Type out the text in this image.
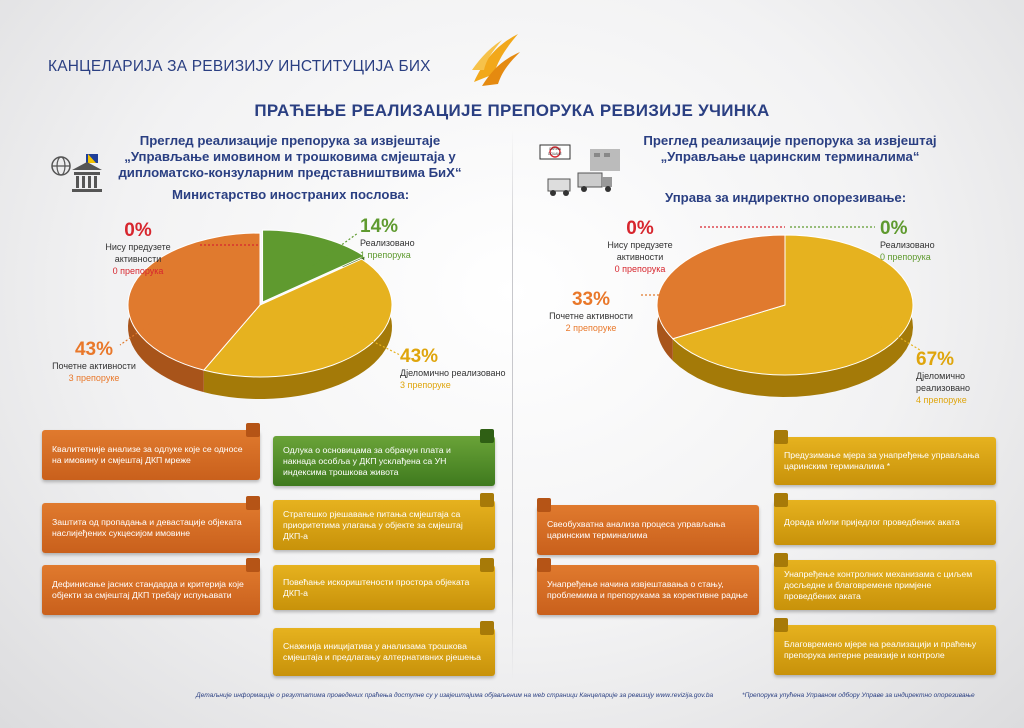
КАНЦЕЛАРИЈА ЗА РЕВИЗИЈУ ИНСТИТУЦИЈА БИХ
ПРАЋЕЊЕ РЕАЛИЗАЦИЈЕ ПРЕПОРУКА РЕВИЗИЈЕ УЧИНКА
Преглед реализације препорука за извјештаје
„Управљање имовином и трошковима смјештаја у
дипломатско-конзуларним представништвима БиХ“
Министарство иностраних послова:
0%
Нису предузете активности
0 препорука
14%
Реализовано
1 препорука
43%
Почетне активности
3 препоруке
43%
Дјеломично реализовано
3 препоруке
Квалитетније анализе за одлуке које се односе на имовину и смјештај ДКП мреже
Заштита од пропадања и девастације објеката наслијеђених сукцесијом имовине
Дефинисање јасних стандарда и критерија које објекти за смјештај ДКП требају испуњавати
Одлука о основицама за обрачун плата и накнада особља у ДКП усклађена са УН индексима трошкова живота
Стратешко рјешавање питања смјештаја са приоритетима улагања у објекте за смјештај ДКП-а
Повећање искориштености простора објеката ДКП-а
Снажнија иницијатива у анализама трошкова смјештаја и предлагању алтернативних рјешења
Преглед реализације препорука за извјештај
„Управљање царинским терминалима“
CARINA
DOUANE
Управа за индиректно опорезивање:
0%
Нису предузете активности
0 препорука
0%
Реализовано
0 препорука
33%
Почетне активности
2 препоруке
67%
Дјеломично реализовано
4 препоруке
Свеобухватна анализа процеса управљања царинским терминалима
Унапређење начина извјештавања о стању, проблемима и препорукама за корективне радње
Предузимање мјера за унапређење управљања царинским терминалима *
Дорада и/или приједлог проведбених аката
Унапређење контролних механизама с циљем досљедне и благовремене примјене проведбених аката
Благовремено мјере на реализацији и праћењу препорука интерне ревизије и контроле
Детаљније информације о резултатима проведених праћења доступне су у извјештајима објављеним на web страници Канцеларије за ревизију www.revizija.gov.ba	*Препорука упућена Управном одбору Управе за индиректно опорезивање
